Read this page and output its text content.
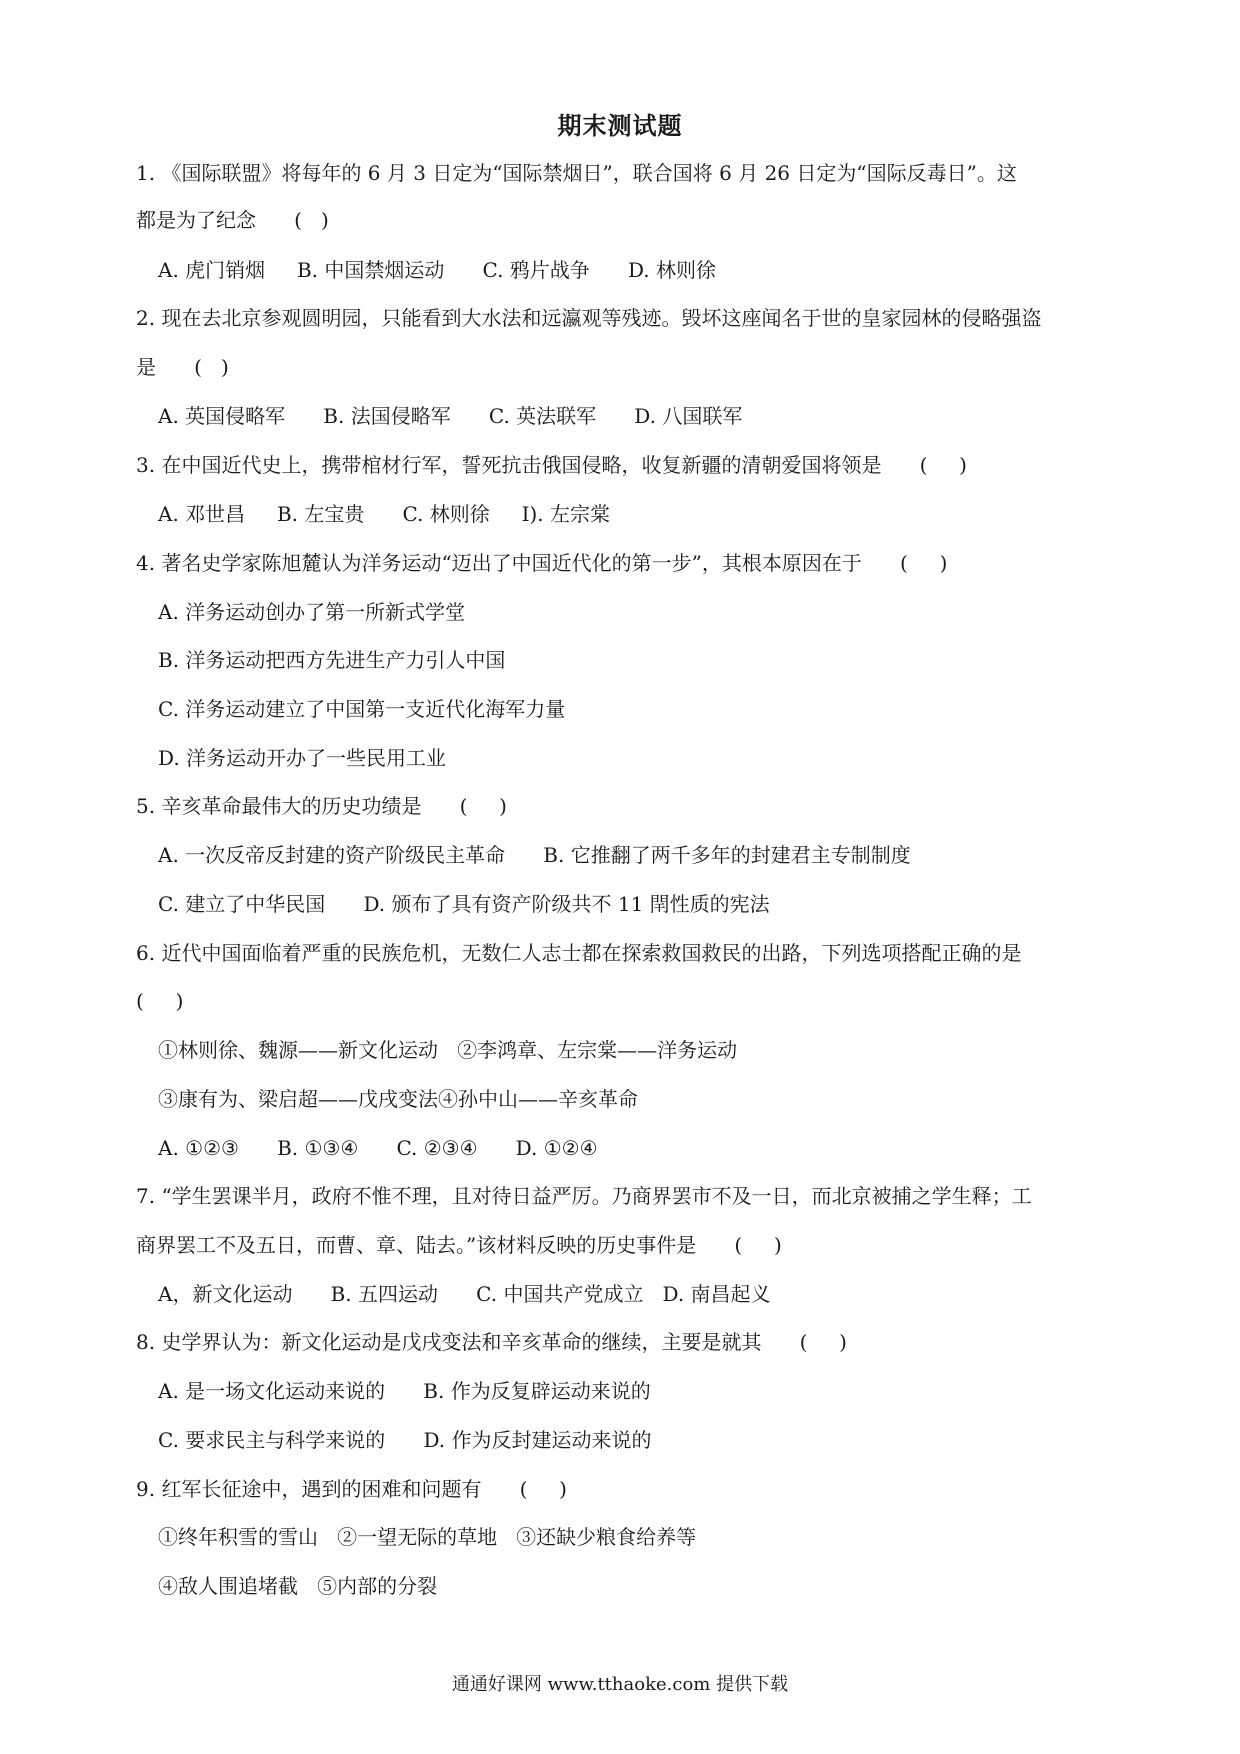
期末测试题
1. 《国际联盟》将每年的 6 月 3 日定为“国际禁烟日”，联合国将 6 月 26 日定为“国际反毒日”。这
都是为了纪念      (   )
A. 虎门销烟     B. 中国禁烟运动      C. 鸦片战争      D. 林则徐
2. 现在去北京参观圆明园，只能看到大水法和远瀛观等残迹。毁坏这座闻名于世的皇家园林的侵略强盗
是      (   )
A. 英国侵略军      B. 法国侵略军      C. 英法联军      D. 八国联军
3. 在中国近代史上，携带棺材行军，誓死抗击俄国侵略，收复新疆的清朝爱国将领是      (     )
A. 邓世昌     B. 左宝贵      C. 林则徐     I). 左宗棠
4. 著名史学家陈旭麓认为洋务运动“迈出了中国近代化的第一步”，其根本原因在于      (     )
A. 洋务运动创办了第一所新式学堂
B. 洋务运动把西方先进生产力引人中国
C. 洋务运动建立了中国第一支近代化海军力量
D. 洋务运动开办了一些民用工业
5. 辛亥革命最伟大的历史功绩是      (     )
A. 一次反帝反封建的资产阶级民主革命      B. 它推翻了两千多年的封建君主专制制度
C. 建立了中华民国      D. 颁布了具有资产阶级共不 11 閈性质的宪法
6. 近代中国面临着严重的民族危机，无数仁人志士都在探索救国救民的出路，下列选项搭配正确的是
(     )
①林则徐、魏源——新文化运动   ②李鸿章、左宗棠——洋务运动
③康有为、梁启超——戊戌变法④孙中山——辛亥革命
A. ①②③      B. ①③④      C. ②③④      D. ①②④
7. “学生罢课半月，政府不惟不理，且对待日益严厉。乃商界罢市不及一日，而北京被捕之学生释；工
商界罢工不及五日，而曹、章、陆去。”该材料反映的历史事件是      (     )
A，新文化运动      B. 五四运动      C. 中国共产党成立   D. 南昌起义
8. 史学界认为：新文化运动是戊戌变法和辛亥革命的继续，主要是就其      (     )
A. 是一场文化运动来说的      B. 作为反复辟运动来说的
C. 要求民主与科学来说的      D. 作为反封建运动来说的
9. 红军长征途中，遇到的困难和问题有      (     )
①终年积雪的雪山   ②一望无际的草地   ③还缺少粮食给养等
④敌人围追堵截   ⑤内部的分裂
通通好课网 www.tthaoke.com 提供下载
